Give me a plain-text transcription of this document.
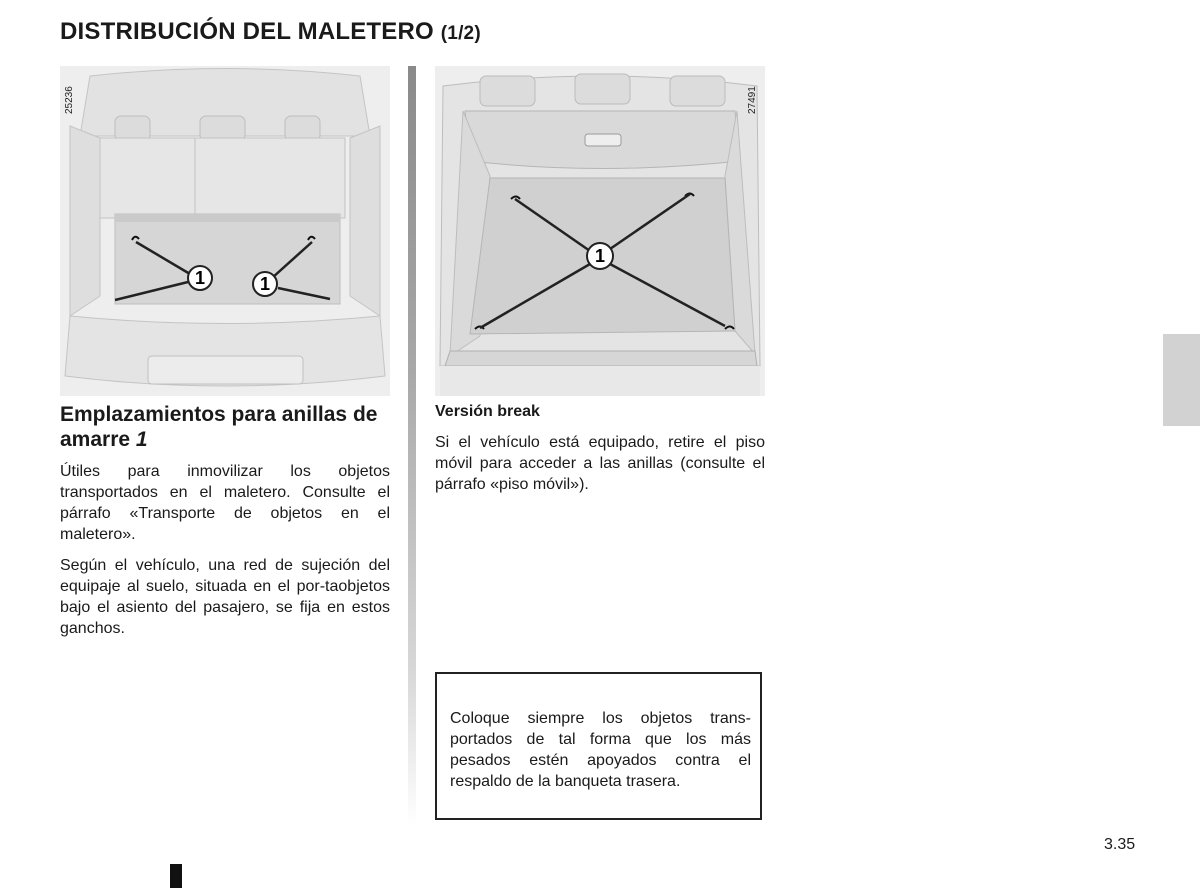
DISTRIBUCIÓN DEL MALETERO (1/2)
1	1
25236
1
27491
Emplazamientos para anillas de amarre 1

Útiles para inmovilizar los objetos transportados en el maletero. Consulte el párrafo «Transporte de objetos en el maletero».

Según el vehículo, una red de sujeción del equipaje al suelo, situada en el por-taobjetos bajo el asiento del pasajero, se fija en estos ganchos.

Versión break

Si el vehículo está equipado, retire el piso móvil para acceder a las anillas (consulte el párrafo «piso móvil»).

Coloque siempre los objetos trans-portados de tal forma que los más pesados estén apoyados contra el respaldo de la banqueta trasera.

3.35
